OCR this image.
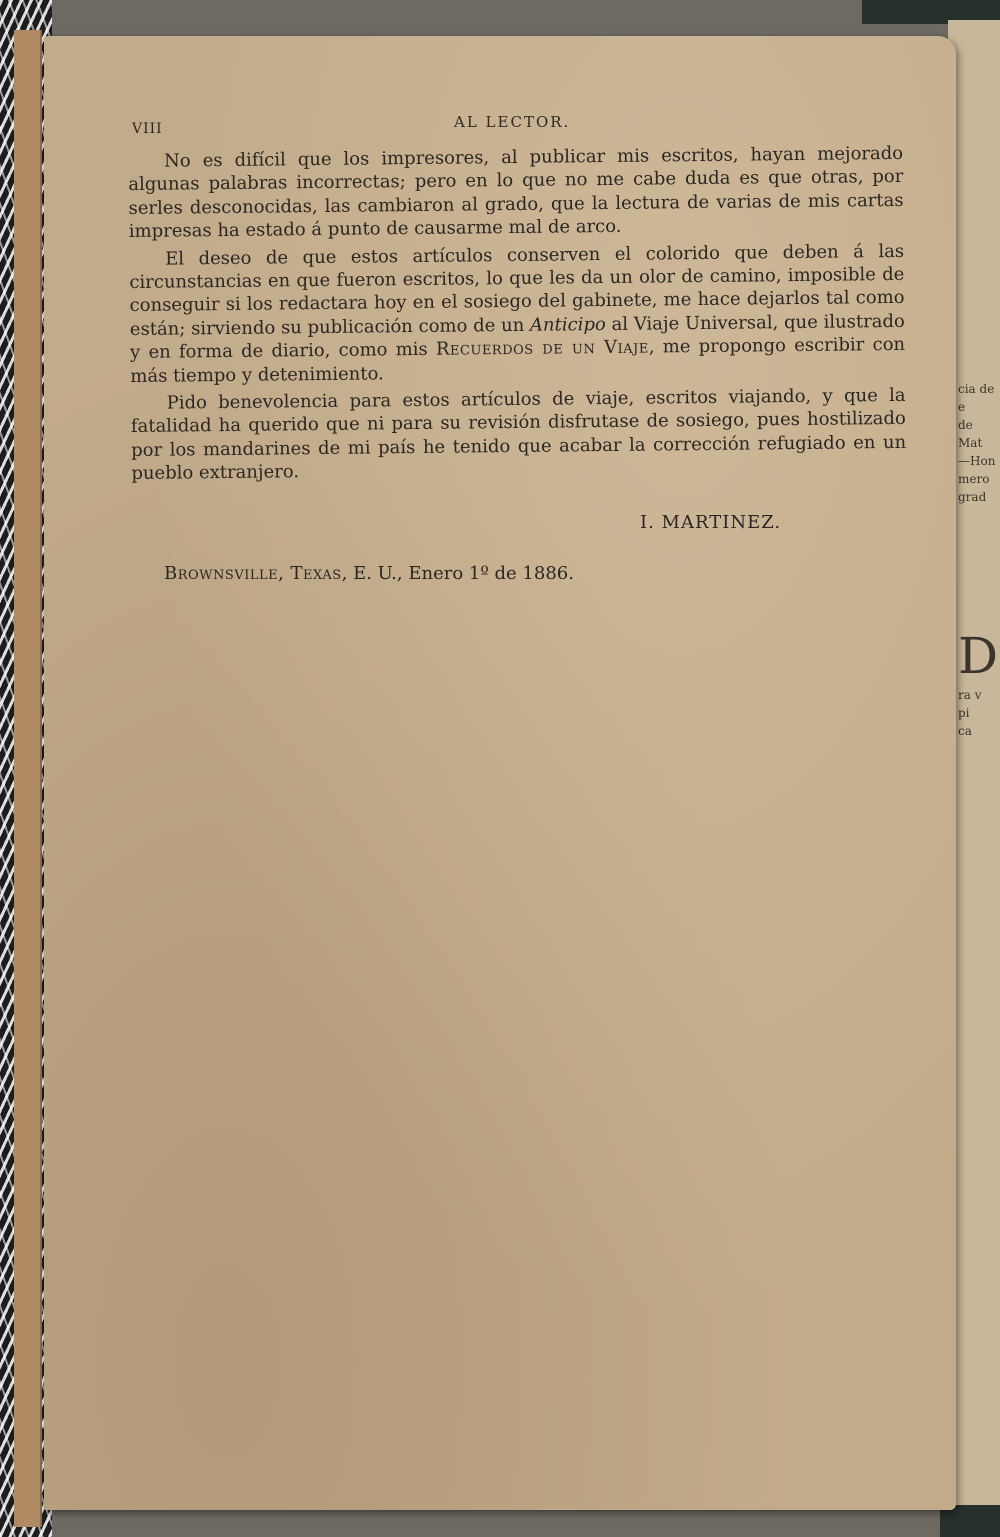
cia de e
de Mat
—Hon
mero
grad
D
ra v
pi
ca
VIII	AL LECTOR.

No es difícil que los impresores, al publicar mis escritos, hayan mejorado algunas palabras incorrectas; pero en lo que no me cabe duda es que otras, por serles desconocidas, las cambiaron al grado, que la lectura de varias de mis cartas impresas ha estado á punto de causarme mal de arco.

El deseo de que estos artículos conserven el colorido que deben á las circunstancias en que fueron escritos, lo que les da un olor de camino, imposible de conseguir si los redactara hoy en el sosiego del gabinete, me hace dejarlos tal como están; sirviendo su publicación como de un Anticipo al Viaje Universal, que ilustrado y en forma de diario, como mis Recuerdos de un Viaje, me propongo escribir con más tiempo y detenimiento.

Pido benevolencia para estos artículos de viaje, escritos viajando, y que la fatalidad ha querido que ni para su revisión disfrutase de sosiego, pues hostilizado por los mandarines de mi país he tenido que acabar la corrección refugiado en un pueblo extranjero.

I. MARTINEZ.
Brownsville, Texas, E. U., Enero 1º de 1886.
